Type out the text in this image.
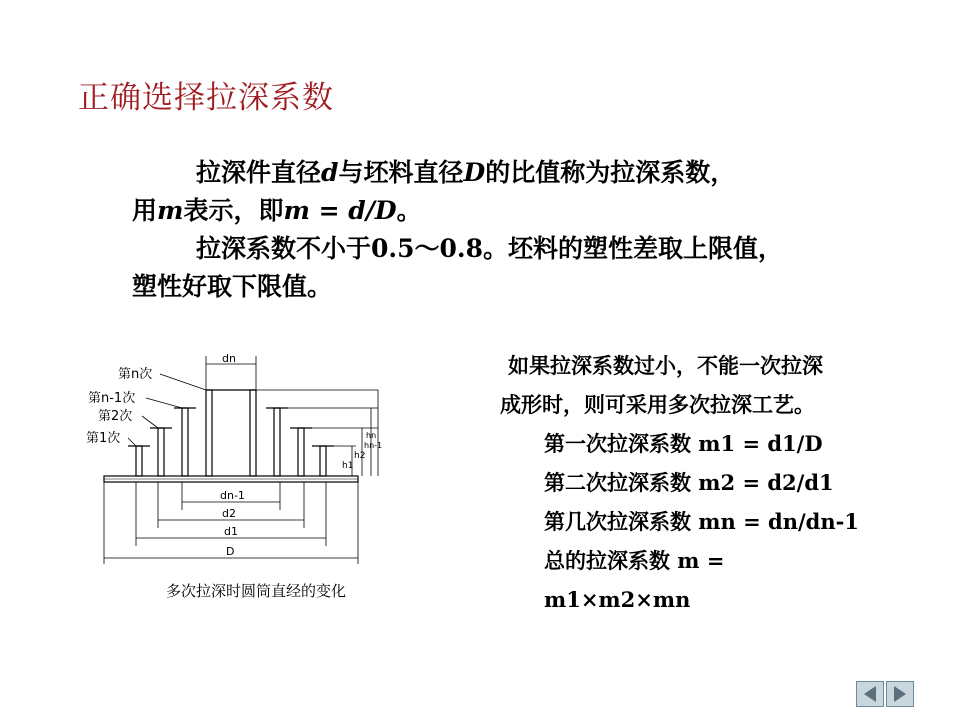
正确选择拉深系数
拉深件直径d与坯料直径D的比值称为拉深系数，
用m表示，即m = d/D。
拉深系数不小于0.5～0.8。坯料的塑性差取上限值，
塑性好取下限值。
dn
dn-1
d2
d1
D
h1
h2
hn-1
hn
第n次
第n-1次
第2次
第1次
多次拉深时圆筒直经的变化
如果拉深系数过小，不能一次拉深
成形时，则可采用多次拉深工艺。
第一次拉深系数 m1 = d1/D
第二次拉深系数 m2 = d2/d1
第几次拉深系数 mn = dn/dn-1
总的拉深系数 m =
m1×m2×mn
